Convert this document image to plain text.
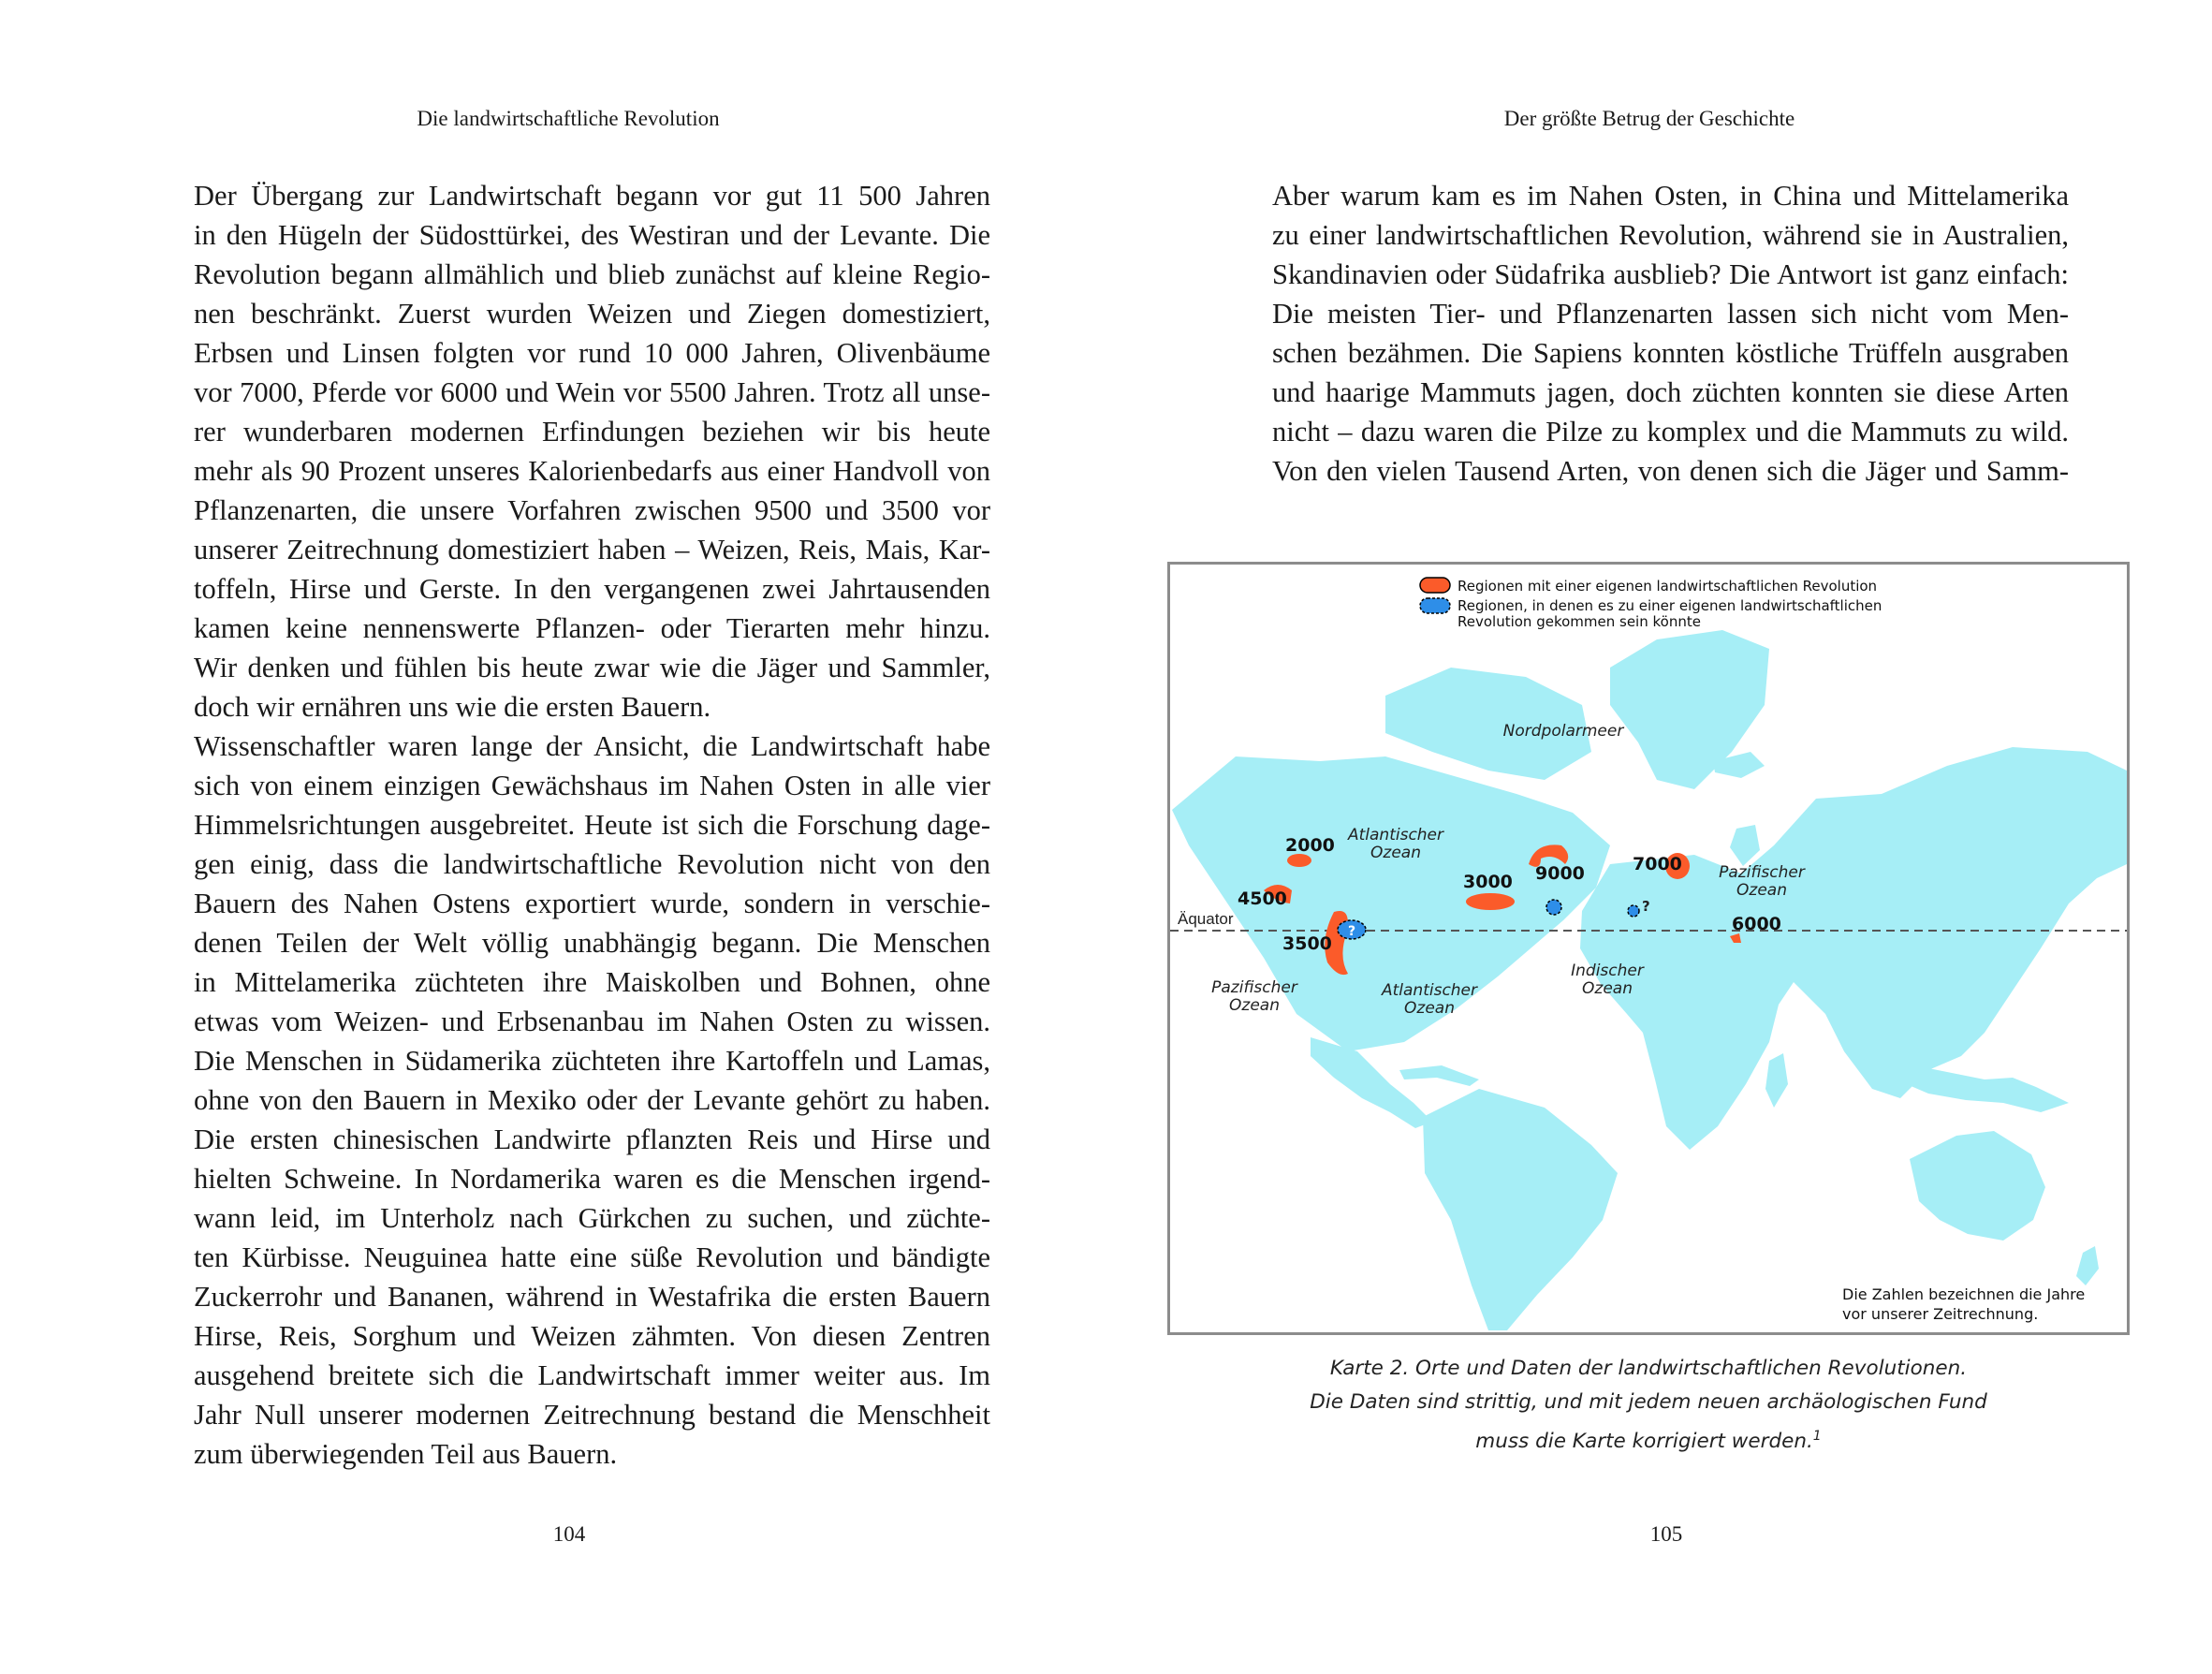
Die landwirtschaftliche Revolution

Der Übergang zur Landwirtschaft begann vor gut 11 500 Jahren
in den Hügeln der Südosttürkei, des Westiran und der Levante. Die
Revolution begann allmählich und blieb zunächst auf kleine Regio-
nen beschränkt. Zuerst wurden Weizen und Ziegen domestiziert,
Erbsen und Linsen folgten vor rund 10 000 Jahren, Olivenbäume
vor 7000, Pferde vor 6000 und Wein vor 5500 Jahren. Trotz all unse-
rer wunderbaren modernen Erfindungen beziehen wir bis heute
mehr als 90 Prozent unseres Kalorienbedarfs aus einer Handvoll von
Pflanzenarten, die unsere Vorfahren zwischen 9500 und 3500 vor
unserer Zeitrechnung domestiziert haben – Weizen, Reis, Mais, Kar-
toffeln, Hirse und Gerste. In den vergangenen zwei Jahrtausenden
kamen keine nennenswerte Pflanzen- oder Tierarten mehr hinzu.
Wir denken und fühlen bis heute zwar wie die Jäger und Sammler,
doch wir ernähren uns wie die ersten Bauern.

Wissenschaftler waren lange der Ansicht, die Landwirtschaft habe
sich von einem einzigen Gewächshaus im Nahen Osten in alle vier
Himmelsrichtungen ausgebreitet. Heute ist sich die Forschung dage-
gen einig, dass die landwirtschaftliche Revolution nicht von den
Bauern des Nahen Ostens exportiert wurde, sondern in verschie-
denen Teilen der Welt völlig unabhängig begann. Die Menschen
in Mittelamerika züchteten ihre Maiskolben und Bohnen, ohne
etwas vom Weizen- und Erbsenanbau im Nahen Osten zu wissen.
Die Menschen in Südamerika züchteten ihre Kartoffeln und Lamas,
ohne von den Bauern in Mexiko oder der Levante gehört zu haben.
Die ersten chinesischen Landwirte pflanzten Reis und Hirse und
hielten Schweine. In Nordamerika waren es die Menschen irgend-
wann leid, im Unterholz nach Gürkchen zu suchen, und züchte-
ten Kürbisse. Neuguinea hatte eine süße Revolution und bändigte
Zuckerrohr und Bananen, während in Westafrika die ersten Bauern
Hirse, Reis, Sorghum und Weizen zähmten. Von diesen Zentren
ausgehend breitete sich die Landwirtschaft immer weiter aus. Im
Jahr Null unserer modernen Zeitrechnung bestand die Menschheit
zum überwiegenden Teil aus Bauern.

104
Der größte Betrug der Geschichte

Aber warum kam es im Nahen Osten, in China und Mittelamerika
zu einer landwirtschaftlichen Revolution, während sie in Australien,
Skandinavien oder Südafrika ausblieb? Die Antwort ist ganz einfach:
Die meisten Tier- und Pflanzenarten lassen sich nicht vom Men-
schen bezähmen. Die Sapiens konnten köstliche Trüffeln ausgraben
und haarige Mammuts jagen, doch züchten konnten sie diese Arten
nicht – dazu waren die Pilze zu komplex und die Mammuts zu wild.
Von den vielen Tausend Arten, von denen sich die Jäger und Samm-

Äquator
?
?
2000
4500
3500
3000 9000	7000
6000
Nordpolarmeer
Atlantischer
Ozean
Atlantischer
Ozean
Pazifischer
Ozean
Pazifischer
Ozean
Indischer
Ozean
Regionen mit einer eigenen landwirtschaftlichen Revolution
Regionen, in denen es zu einer eigenen landwirtschaftlichen
Revolution gekommen sein könnte
Die Zahlen bezeichnen die Jahre
vor unserer Zeitrechnung.
Karte 2. Orte und Daten der landwirtschaftlichen Revolutionen.
Die Daten sind strittig, und mit jedem neuen archäologischen Fund
muss die Karte korrigiert werden.$^1$
105
